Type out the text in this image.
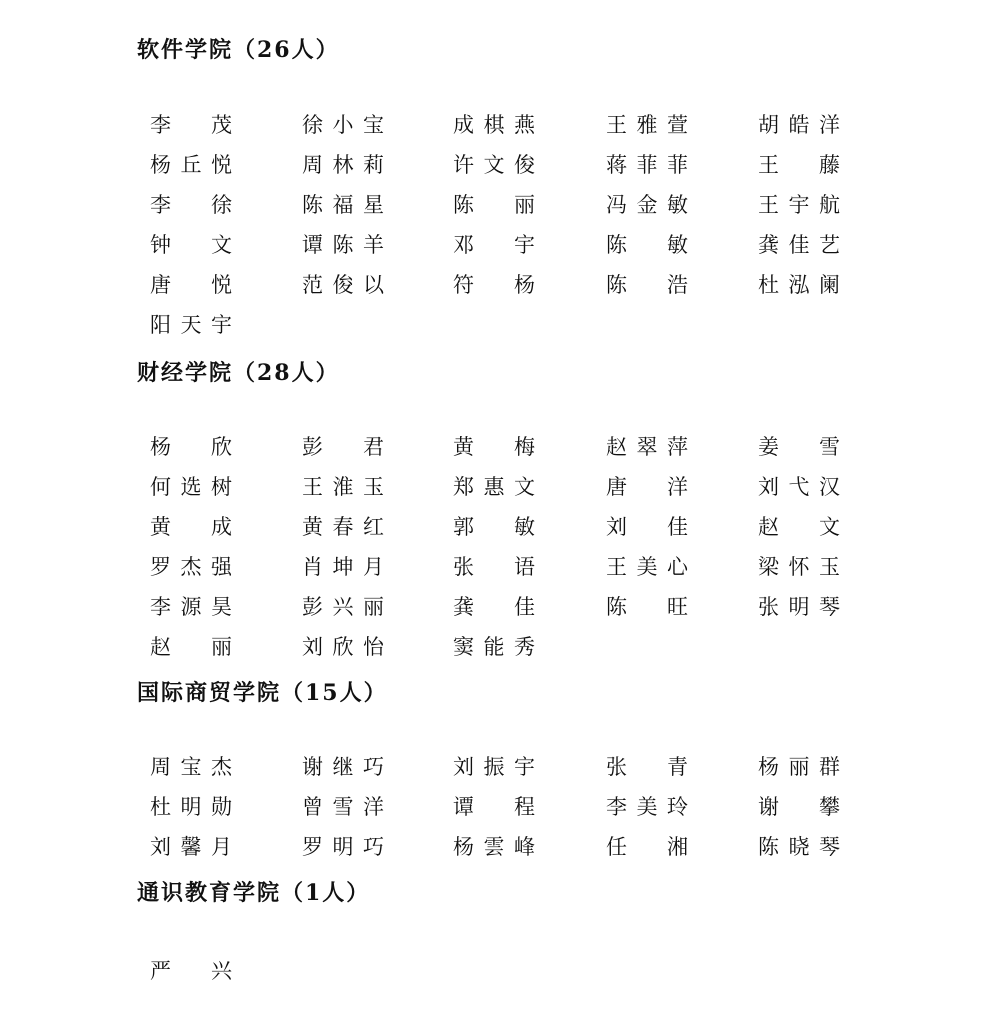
软件学院（26人）
李 茂	徐 小 宝	成 棋 燕	王 雅 萱	胡 皓 洋
杨 丘 悦	周 林 莉	许 文 俊	蒋 菲 菲	王 藤
李 徐	陈 福 星	陈 丽	冯 金 敏	王 宇 航
钟 文	谭 陈 羊	邓 宇	陈 敏	龚 佳 艺
唐 悦	范 俊 以	符 杨	陈 浩	杜 泓 阑
阳 天 宇
财经学院（28人）
杨 欣	彭 君	黄 梅	赵 翠 萍	姜 雪
何 选 树	王 淮 玉	郑 惠 文	唐 洋	刘 弋 汉
黄 成	黄 春 红	郭 敏	刘 佳	赵 文
罗 杰 强	肖 坤 月	张 语	王 美 心	梁 怀 玉
李 源 昊	彭 兴 丽	龚 佳	陈 旺	张 明 琴
赵 丽	刘 欣 怡	窦 能 秀
国际商贸学院（15人）
周 宝 杰	谢 继 巧	刘 振 宇	张 青	杨 丽 群
杜 明 勋	曾 雪 洋	谭 程	李 美 玲	谢 攀
刘 馨 月	罗 明 巧	杨 雲 峰	任 湘	陈 晓 琴
通识教育学院（1人）
严 兴
